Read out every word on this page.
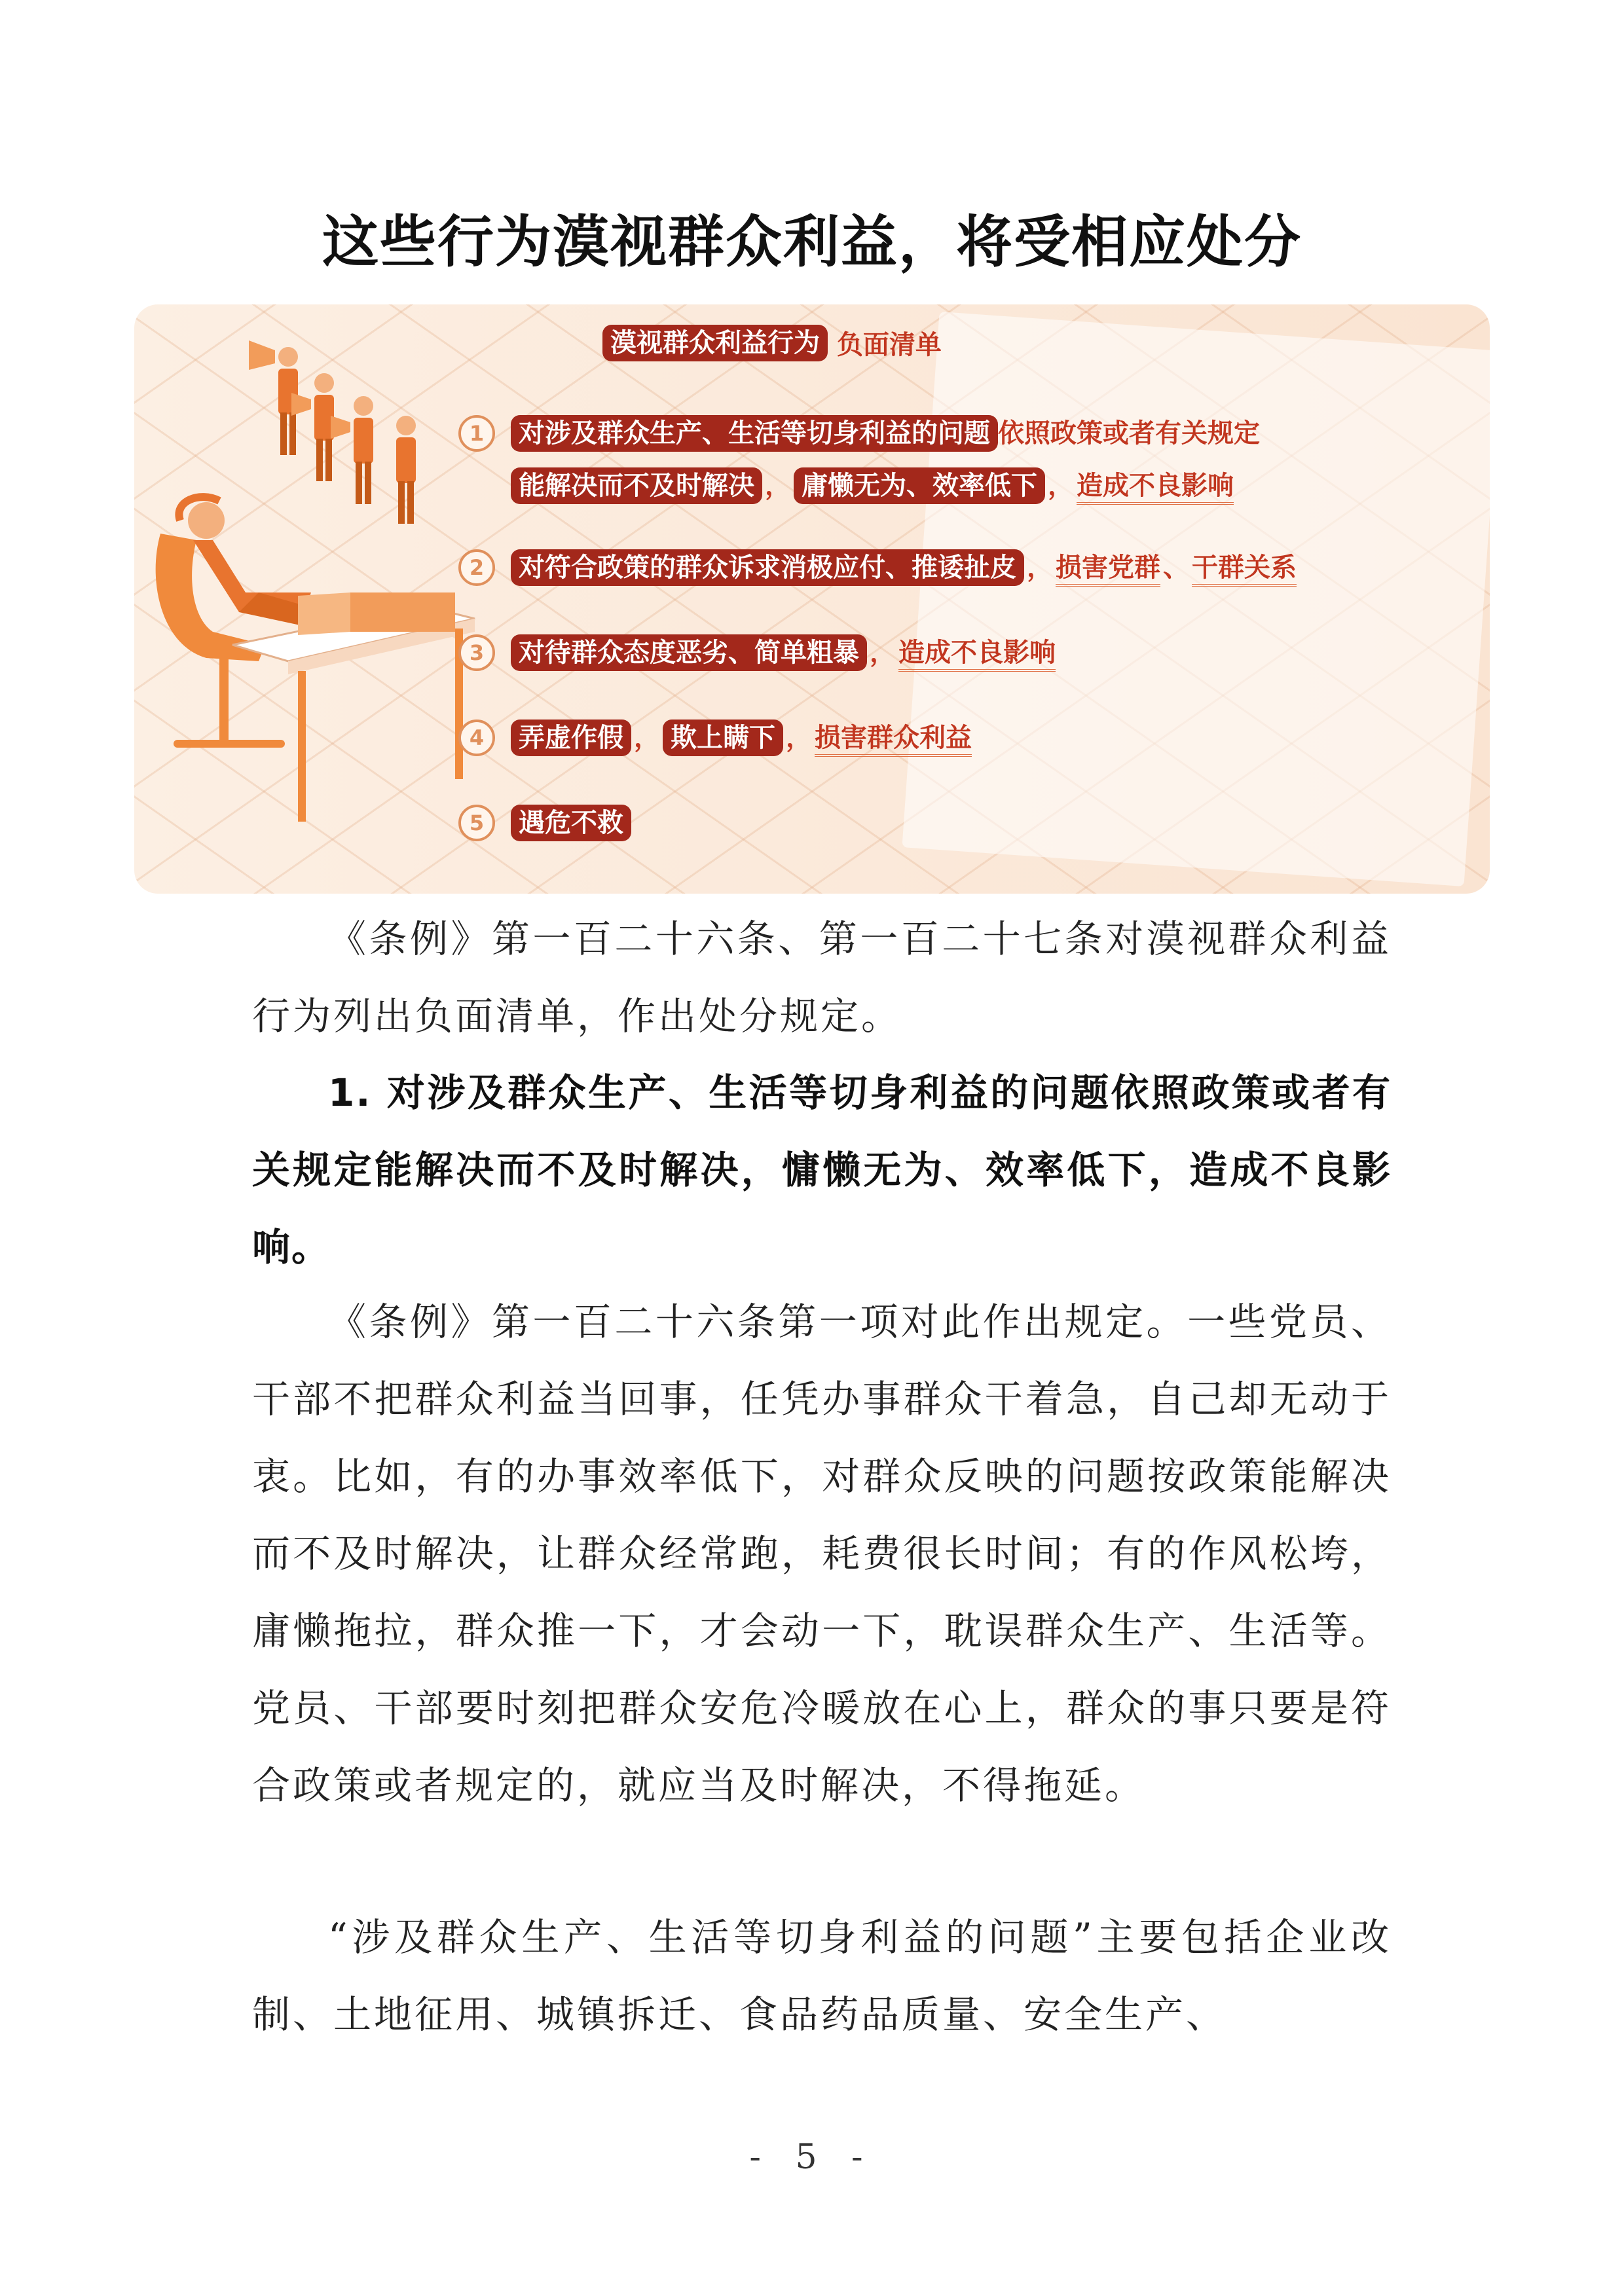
这些行为漠视群众利益，将受相应处分
漠视群众利益行为 负面清单
1 对涉及群众生产、生活等切身利益的问题 依照政策或者有关规定
能解决而不及时解决 ， 庸懒无为、效率低下 ， 造成不良影响
2 对符合政策的群众诉求消极应付、推诿扯皮 ， 损害党群 、 干群关系
3 对待群众态度恶劣、简单粗暴 ， 造成不良影响
4 弄虚作假 ， 欺上瞒下 ， 损害群众利益
5 遇危不救

《条例》第一百二十六条、第一百二十七条对漠视群众利益行为列出负面清单，作出处分规定。

1. 对涉及群众生产、生活等切身利益的问题依照政策或者有关规定能解决而不及时解决，慵懒无为、效率低下，造成不良影响。

《条例》第一百二十六条第一项对此作出规定。一些党员、干部不把群众利益当回事，任凭办事群众干着急，自己却无动于衷。比如，有的办事效率低下，对群众反映的问题按政策能解决而不及时解决，让群众经常跑，耗费很长时间；有的作风松垮，庸懒拖拉，群众推一下，才会动一下，耽误群众生产、生活等。党员、干部要时刻把群众安危冷暖放在心上，群众的事只要是符合政策或者规定的，就应当及时解决，不得拖延。

“涉及群众生产、生活等切身利益的问题”主要包括企业改制、土地征用、城镇拆迁、食品药品质量、安全生产、

- 5 -
